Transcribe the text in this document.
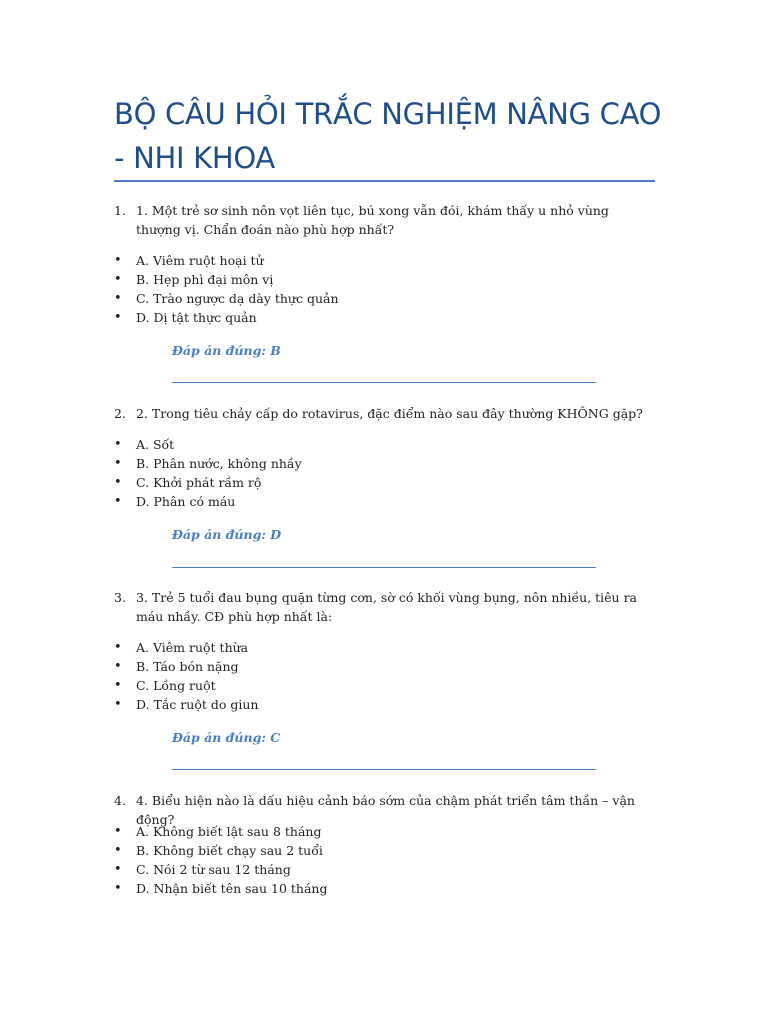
BỘ CÂU HỎI TRẮC NGHIỆM NÂNG CAO - NHI KHOA
1. 1. Một trẻ sơ sinh nôn vọt liên tục, bú xong vẫn đói, khám thấy u nhỏ vùng thượng vị. Chẩn đoán nào phù hợp nhất?
• A. Viêm ruột hoại tử
• B. Hẹp phì đại môn vị
• C. Trào ngược dạ dày thực quản
• D. Dị tật thực quản
Đáp án đúng: B
2. 2. Trong tiêu chảy cấp do rotavirus, đặc điểm nào sau đây thường KHÔNG gặp?
• A. Sốt
• B. Phân nước, không nhầy
• C. Khởi phát rầm rộ
• D. Phân có máu
Đáp án đúng: D
3. 3. Trẻ 5 tuổi đau bụng quặn từng cơn, sờ có khối vùng bụng, nôn nhiều, tiêu ra máu nhầy. CĐ phù hợp nhất là:
• A. Viêm ruột thừa
• B. Táo bón nặng
• C. Lồng ruột
• D. Tắc ruột do giun
Đáp án đúng: C
4. 4. Biểu hiện nào là dấu hiệu cảnh báo sớm của chậm phát triển tâm thần – vận động?
• A. Không biết lật sau 8 tháng
• B. Không biết chạy sau 2 tuổi
• C. Nói 2 từ sau 12 tháng
• D. Nhận biết tên sau 10 tháng
